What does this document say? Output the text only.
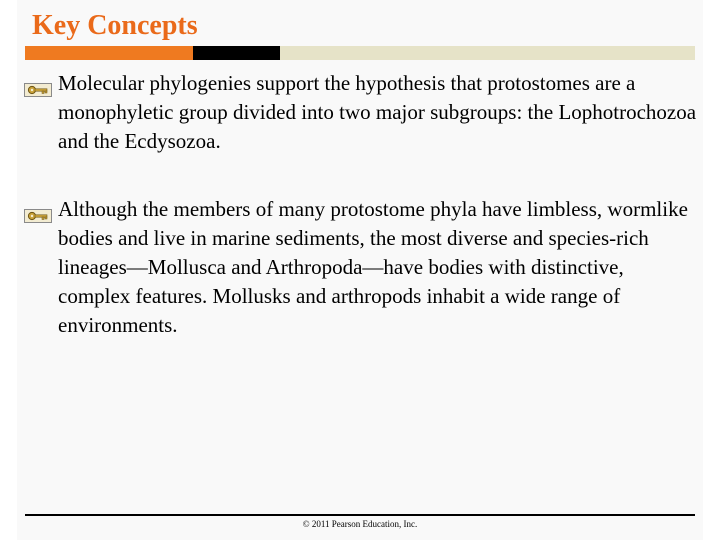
Key Concepts
Molecular phylogenies support the hypothesis that protostomes are a monophyletic group divided into two major subgroups: the Lophotrochozoa and the Ecdysozoa.
Although the members of many protostome phyla have limbless, wormlike bodies and live in marine sediments, the most diverse and species-rich lineages—Mollusca and Arthropoda—have bodies with distinctive, complex features. Mollusks and arthropods inhabit a wide range of environments.
© 2011 Pearson Education, Inc.
